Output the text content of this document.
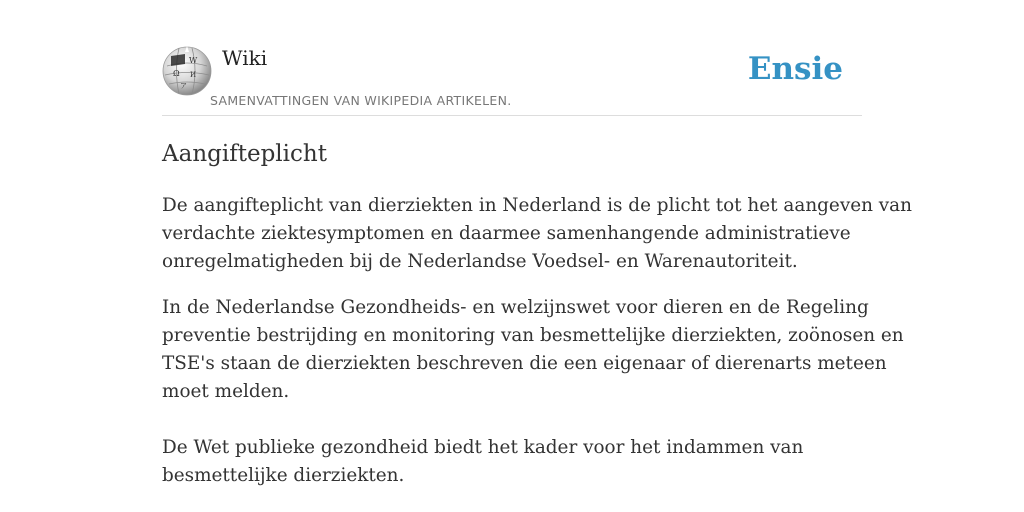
W
Ω И
ア
Wiki
SAMENVATTINGEN VAN WIKIPEDIA ARTIKELEN.
Ensie
Aangifteplicht

De aangifteplicht van dierziekten in Nederland is de plicht tot het aangeven van
verdachte ziektesymptomen en daarmee samenhangende administratieve
onregelmatigheden bij de Nederlandse Voedsel- en Warenautoriteit.

In de Nederlandse Gezondheids- en welzijnswet voor dieren en de Regeling
preventie bestrijding en monitoring van besmettelijke dierziekten, zoönosen en
TSE's staan de dierziekten beschreven die een eigenaar of dierenarts meteen
moet melden.

De Wet publieke gezondheid biedt het kader voor het indammen van
besmettelijke dierziekten.
